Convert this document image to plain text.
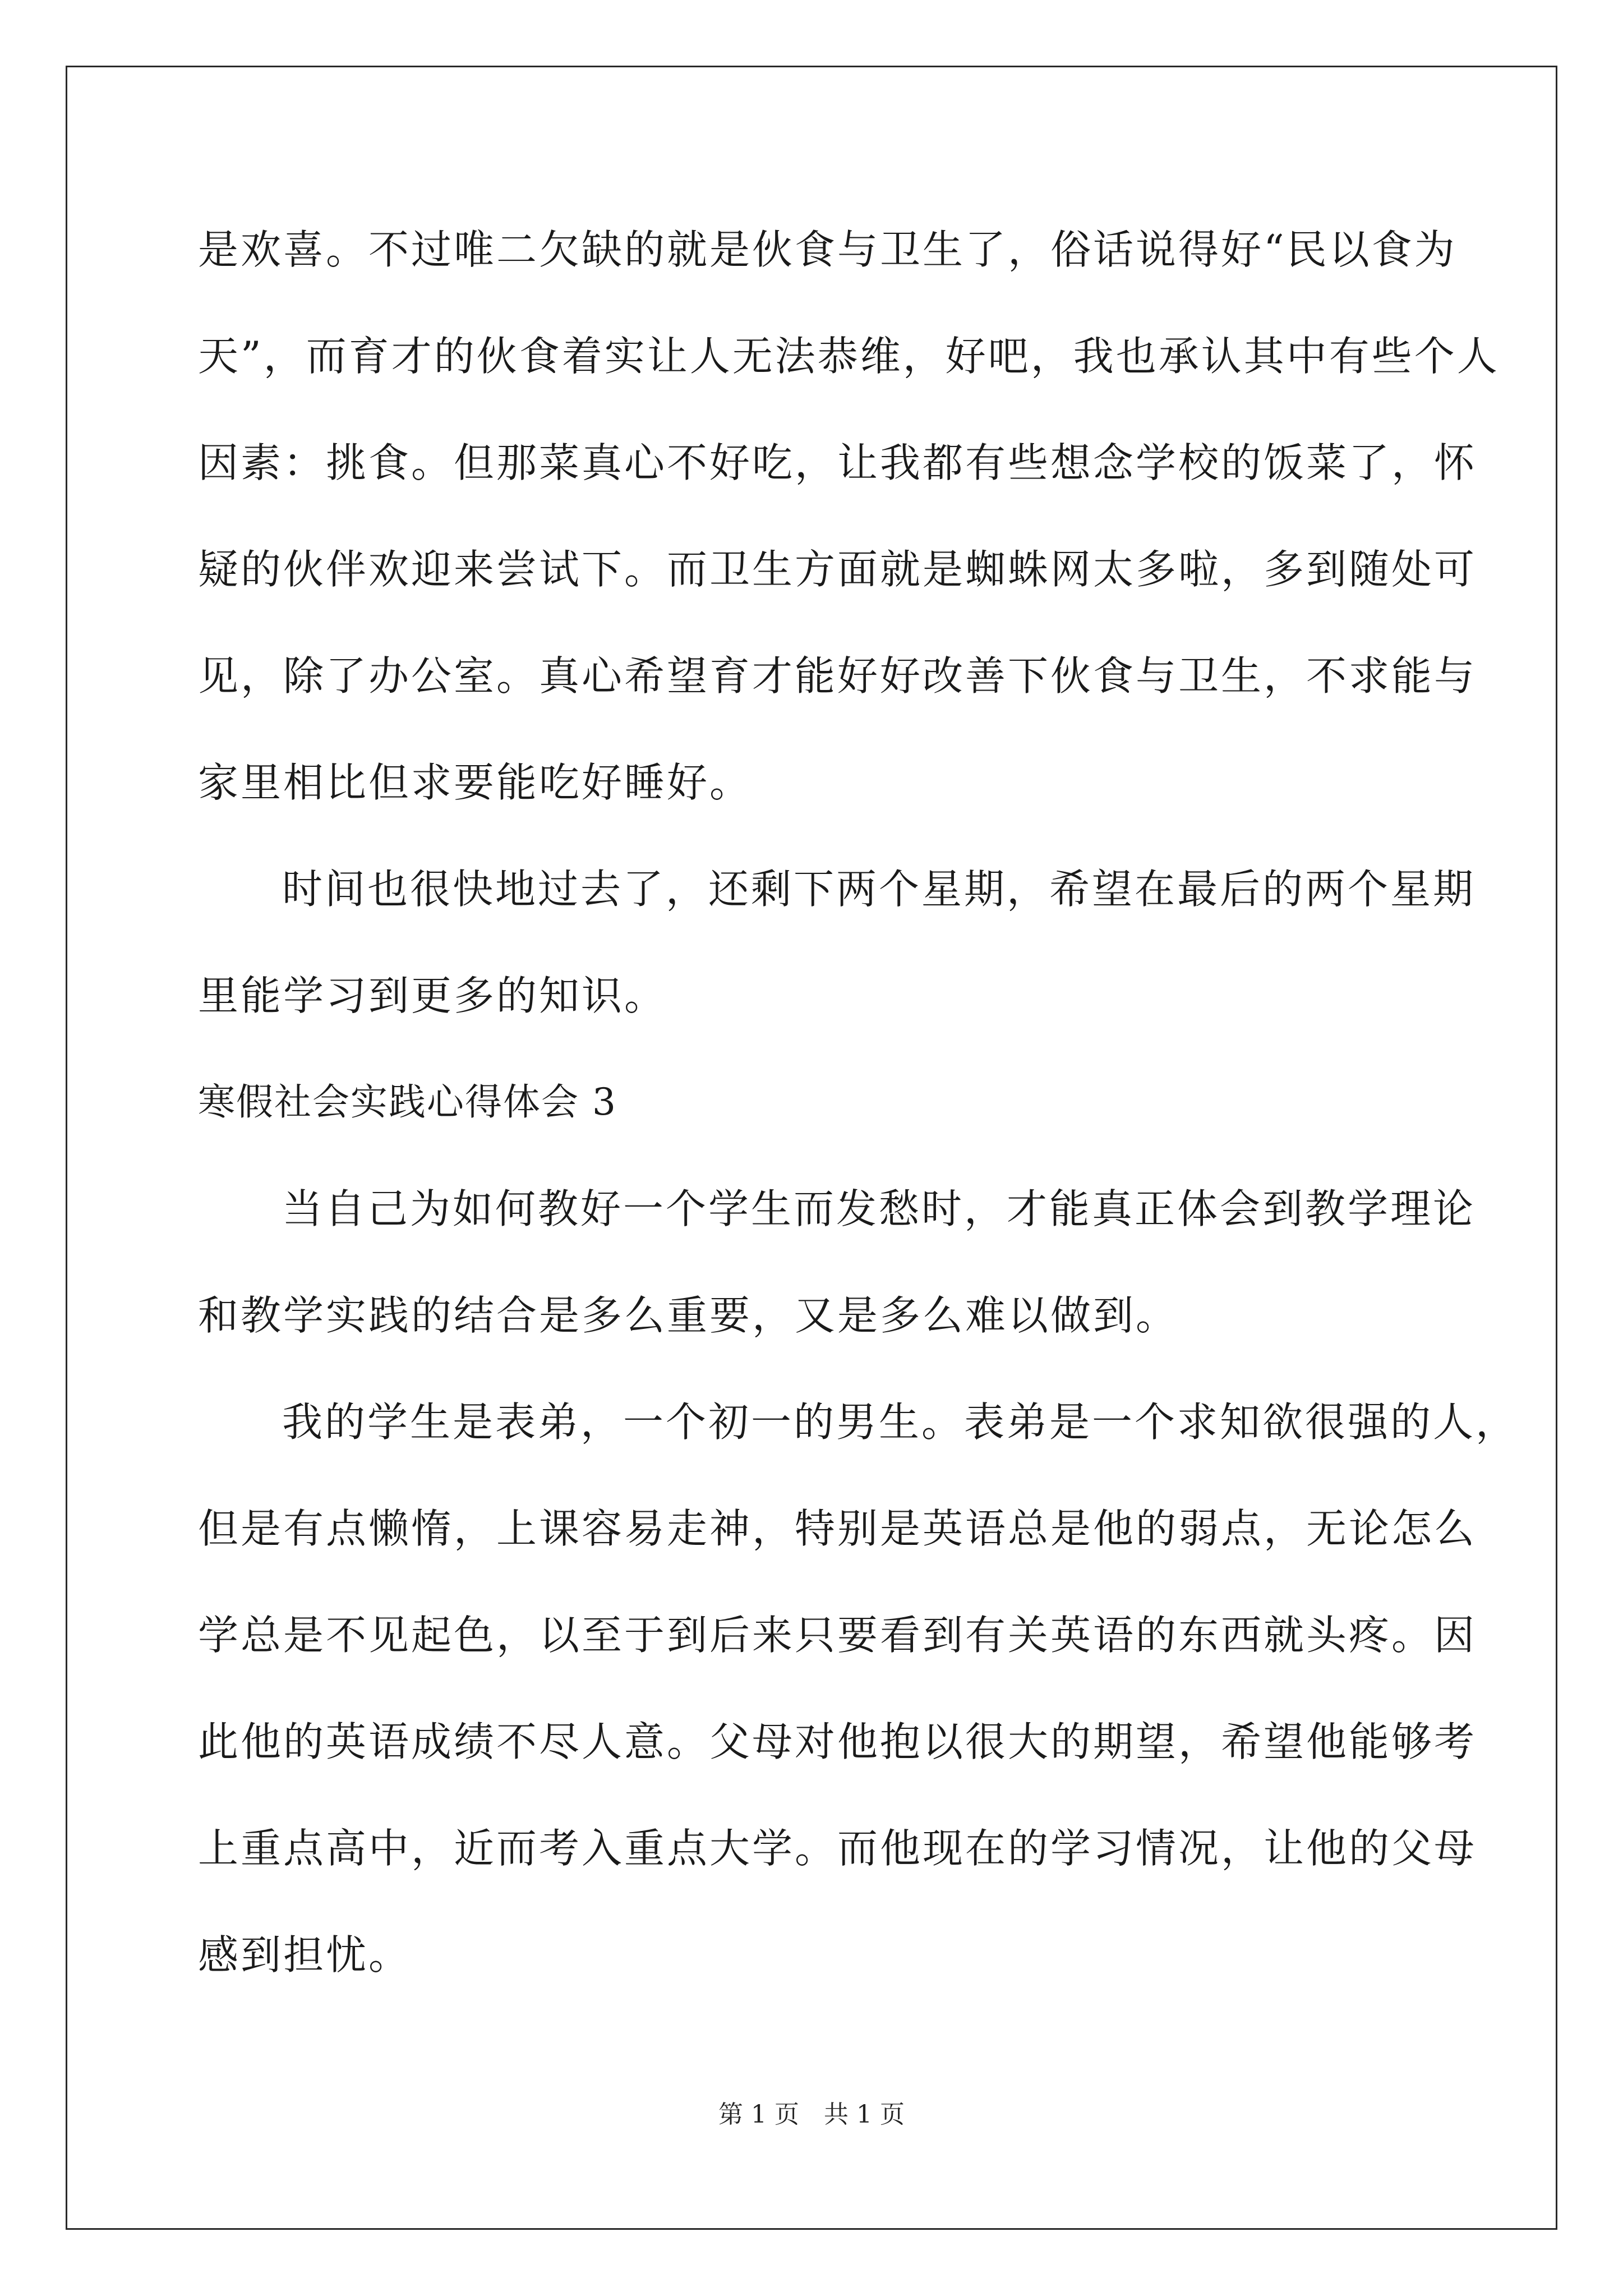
是欢喜。不过唯二欠缺的就是伙食与卫生了，俗话说得好“民以食为
天”，而育才的伙食着实让人无法恭维，好吧，我也承认其中有些个人
因素：挑食。但那菜真心不好吃，让我都有些想念学校的饭菜了，怀
疑的伙伴欢迎来尝试下。而卫生方面就是蜘蛛网太多啦，多到随处可
见，除了办公室。真心希望育才能好好改善下伙食与卫生，不求能与
家里相比但求要能吃好睡好。
时间也很快地过去了，还剩下两个星期，希望在最后的两个星期
里能学习到更多的知识。
寒假社会实践心得体会 3
当自己为如何教好一个学生而发愁时，才能真正体会到教学理论
和教学实践的结合是多么重要，又是多么难以做到。
我的学生是表弟，一个初一的男生。表弟是一个求知欲很强的人，
但是有点懒惰，上课容易走神，特别是英语总是他的弱点，无论怎么
学总是不见起色，以至于到后来只要看到有关英语的东西就头疼。因
此他的英语成绩不尽人意。父母对他抱以很大的期望，希望他能够考
上重点高中，近而考入重点大学。而他现在的学习情况，让他的父母
感到担忧。
第 1 页　共 1 页
